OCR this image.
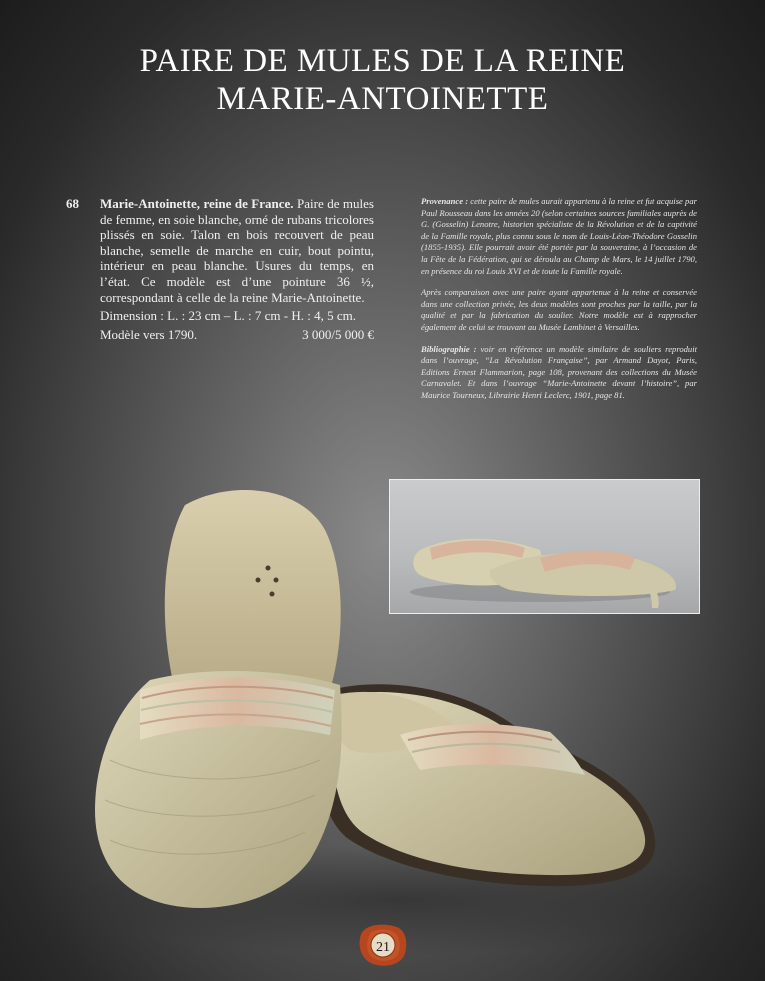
PAIRE DE MULES DE LA REINE
MARIE-ANTOINETTE
68 Marie-Antoinette, reine de France. Paire de mules de femme, en soie blanche, orné de rubans tricolores plissés en soie. Talon en bois recouvert de peau blanche, semelle de marche en cuir, bout pointu, intérieur en peau blanche. Usures du temps, en l’état. Ce modèle est d’une pointure 36 ½, correspondant à celle de la reine Marie-Antoinette.
Dimension : L. : 23 cm – L. : 7 cm - H. : 4, 5 cm.
Modèle vers 1790.	3 000/5 000 €

Provenance : cette paire de mules aurait appartenu à la reine et fut acquise par Paul Rousseau dans les années 20 (selon certaines sources familiales auprès de G. (Gosselin) Lenotre, historien spécialiste de la Révolution et de la captivité de la Famille royale, plus connu sous le nom de Louis-Léon-Théodore Gosselin (1855-1935). Elle pourrait avoir été portée par la souveraine, à l’occasion de la Fête de la Fédération, qui se déroula au Champ de Mars, le 14 juillet 1790, en présence du roi Louis XVI et de toute la Famille royale.

Après comparaison avec une paire ayant appartenue à la reine et conservée dans une collection privée, les deux modèles sont proches par la taille, par la qualité et par la fabrication du soulier. Notre modèle est à rapprocher également de celui se trouvant au Musée Lambinet à Versailles.

Bibliographie : voir en référence un modèle similaire de souliers reproduit dans l’ouvrage, “La Révolution Française”, par Armand Dayot, Paris, Editions Ernest Flammarion, page 108, provenant des collections du Musée Carnavalet. Et dans l’ouvrage “Marie-Antoinette devant l’histoire”, par Maurice Tourneux, Librairie Henri Leclerc, 1901, page 81.

21
